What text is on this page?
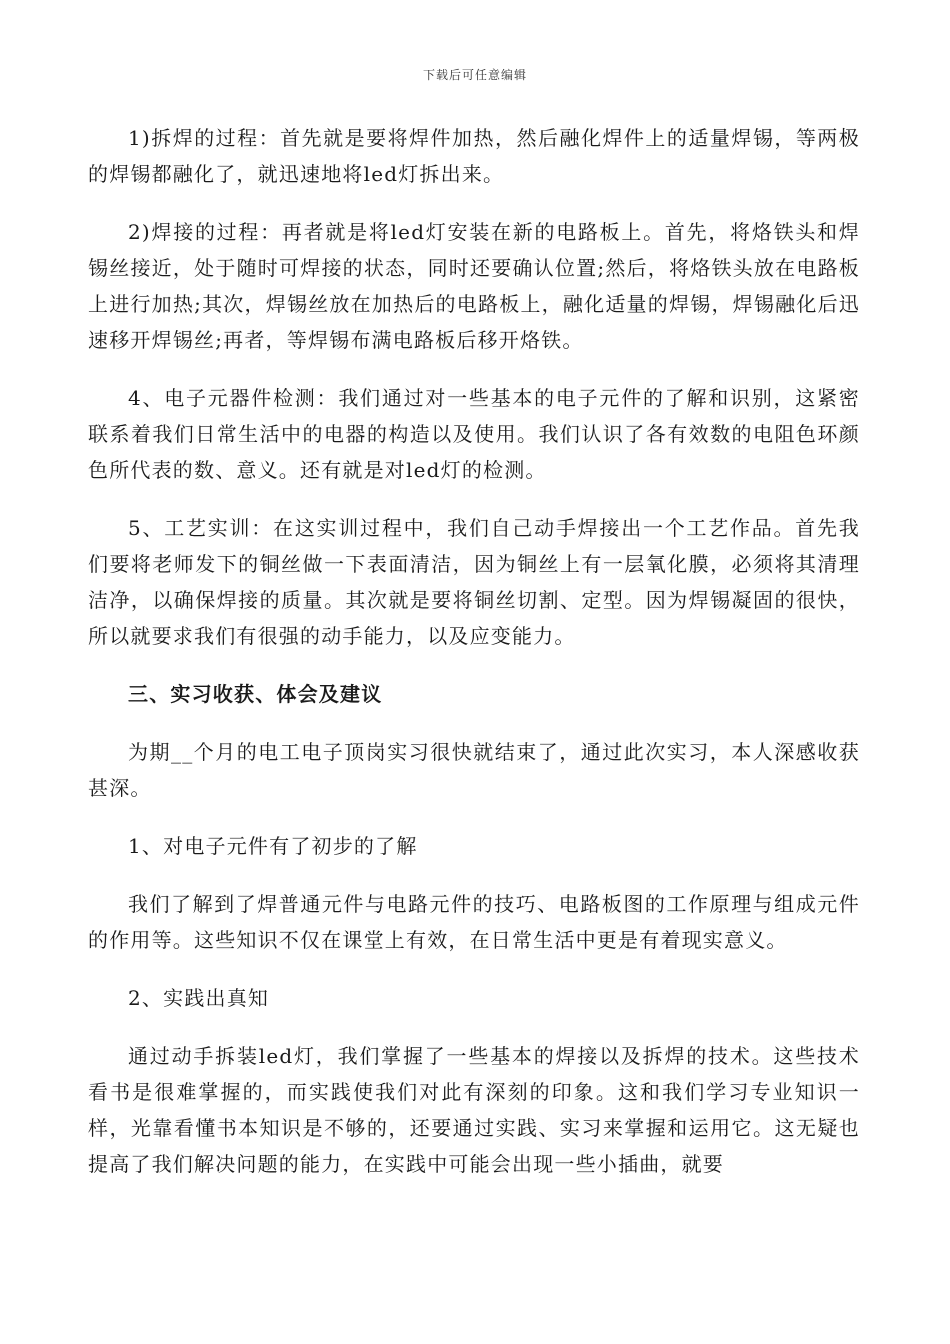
下载后可任意编辑

1)拆焊的过程：首先就是要将焊件加热，然后融化焊件上的适量焊锡，等两极的焊锡都融化了，就迅速地将led灯拆出来。

2)焊接的过程：再者就是将led灯安装在新的电路板上。首先，将烙铁头和焊锡丝接近，处于随时可焊接的状态，同时还要确认位置;然后，将烙铁头放在电路板上进行加热;其次，焊锡丝放在加热后的电路板上，融化适量的焊锡，焊锡融化后迅速移开焊锡丝;再者，等焊锡布满电路板后移开烙铁。

4、电子元器件检测：我们通过对一些基本的电子元件的了解和识别，这紧密联系着我们日常生活中的电器的构造以及使用。我们认识了各有效数的电阻色环颜色所代表的数、意义。还有就是对led灯的检测。

5、工艺实训：在这实训过程中，我们自己动手焊接出一个工艺作品。首先我们要将老师发下的铜丝做一下表面清洁，因为铜丝上有一层氧化膜，必须将其清理洁净，以确保焊接的质量。其次就是要将铜丝切割、定型。因为焊锡凝固的很快，所以就要求我们有很强的动手能力，以及应变能力。

三、实习收获、体会及建议

为期__个月的电工电子顶岗实习很快就结束了，通过此次实习，本人深感收获甚深。

1、对电子元件有了初步的了解

我们了解到了焊普通元件与电路元件的技巧、电路板图的工作原理与组成元件的作用等。这些知识不仅在课堂上有效，在日常生活中更是有着现实意义。

2、实践出真知

通过动手拆装led灯，我们掌握了一些基本的焊接以及拆焊的技术。这些技术看书是很难掌握的，而实践使我们对此有深刻的印象。这和我们学习专业知识一样，光靠看懂书本知识是不够的，还要通过实践、实习来掌握和运用它。这无疑也提高了我们解决问题的能力，在实践中可能会出现一些小插曲，就要
